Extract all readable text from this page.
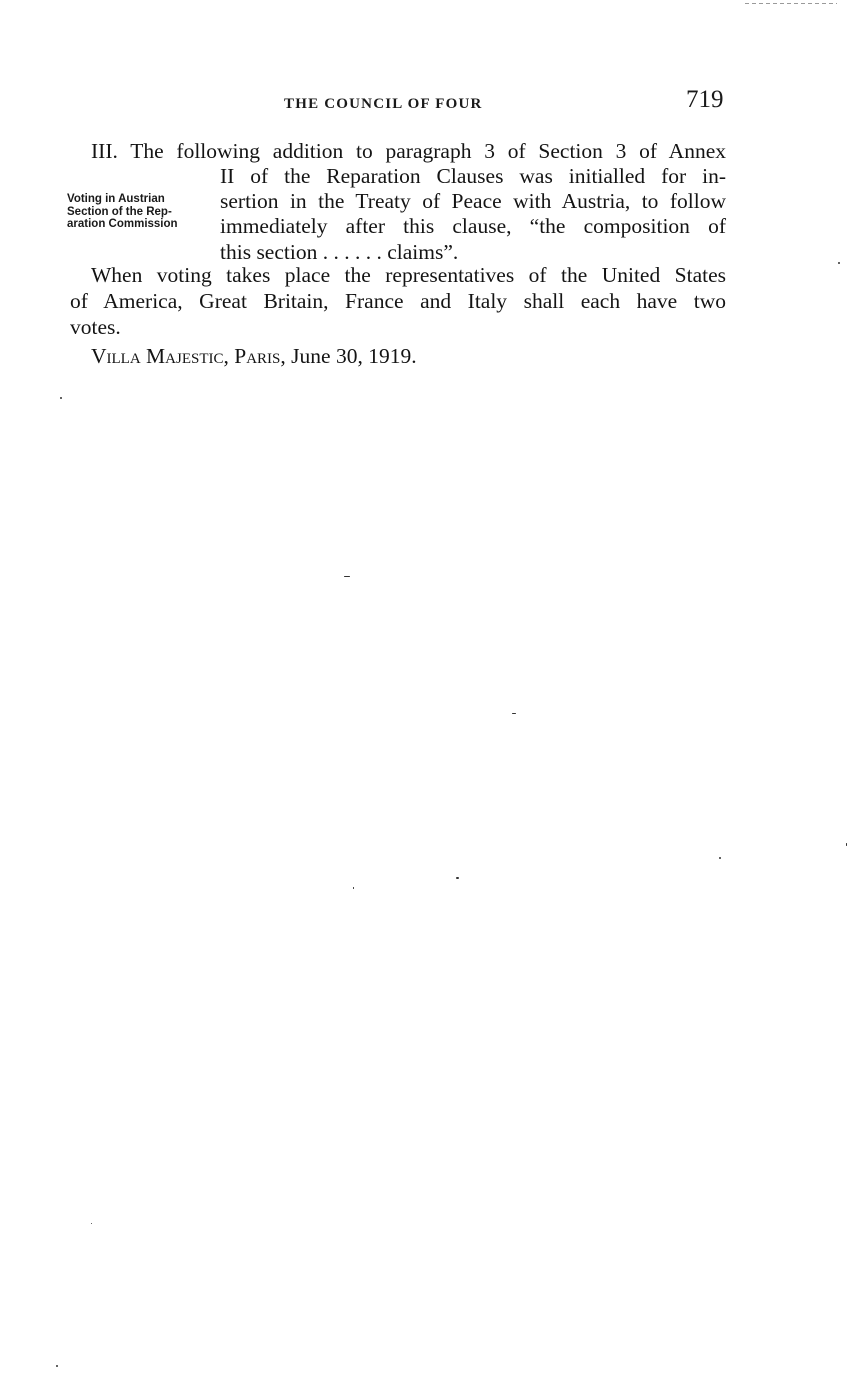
THE COUNCIL OF FOUR	719
III. The following addition to paragraph 3 of Section 3 of Annex
II of the Reparation Clauses was initialled for in-
sertion in the Treaty of Peace with Austria, to follow
immediately after this clause, “the composition of
this section . . . . . . claims”.
Voting in Austrian
Section of the Rep-
aration Commission
When voting takes place the representatives of the United States
of America, Great Britain, France and Italy shall each have two
votes.
Villa Majestic, Paris, June 30, 1919.
